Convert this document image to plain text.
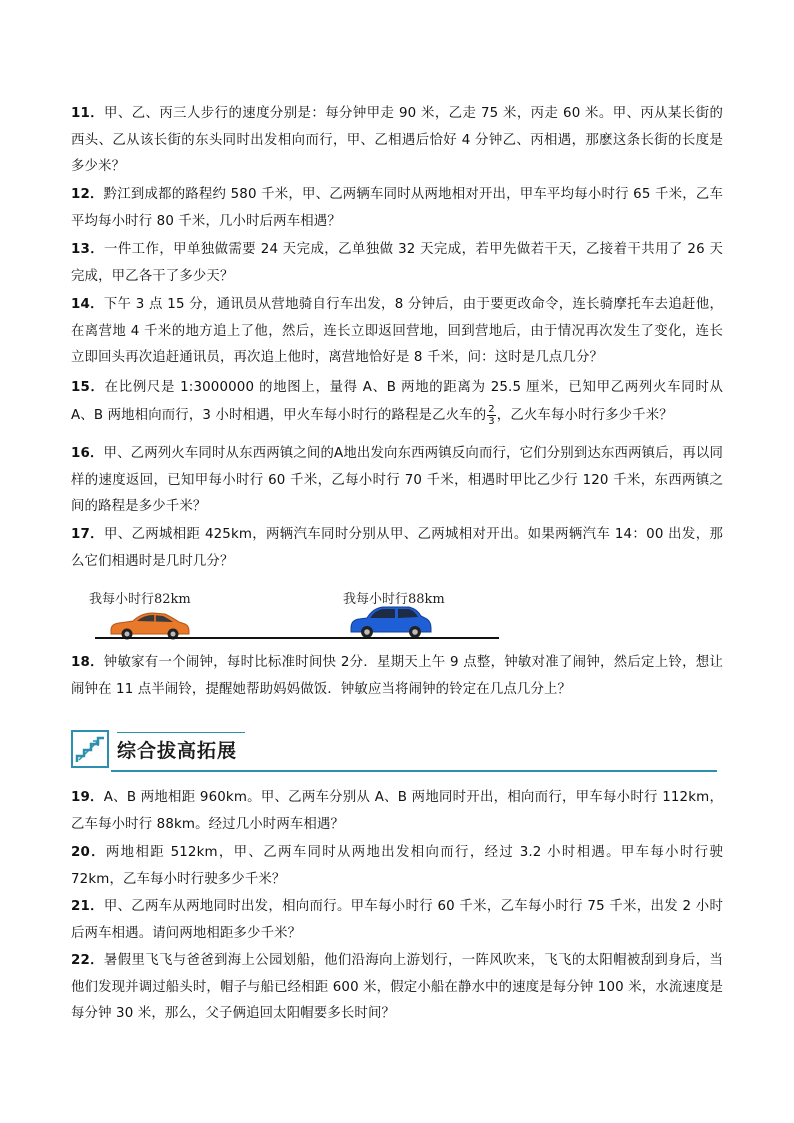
11．甲、乙、丙三人步行的速度分别是：每分钟甲走 90 米，乙走 75 米，丙走 60 米。甲、丙从某长街的西头、乙从该长街的东头同时出发相向而行，甲、乙相遇后恰好 4 分钟乙、丙相遇，那麽这条长街的长度是多少米？

12．黔江到成都的路程约 580 千米，甲、乙两辆车同时从两地相对开出，甲车平均每小时行 65 千米，乙车平均每小时行 80 千米，几小时后两车相遇？

13．一件工作，甲单独做需要 24 天完成，乙单独做 32 天完成，若甲先做若干天，乙接着干共用了 26 天完成，甲乙各干了多少天？

14．下午 3 点 15 分，通讯员从营地骑自行车出发，8 分钟后，由于要更改命令，连长骑摩托车去追赶他，在离营地 4 千米的地方追上了他，然后，连长立即返回营地，回到营地后，由于情况再次发生了变化，连长立即回头再次追赶通讯员，再次追上他时，离营地恰好是 8 千米，问：这时是几点几分？

15．在比例尺是 1:3000000 的地图上，量得 A、B 两地的距离为 25.5 厘米，已知甲乙两列火车同时从 A、B 两地相向而行，3 小时相遇，甲火车每小时行的路程是乙火车的 $\frac{2}{3}$ ，乙火车每小时行多少千米？

16．甲、乙两列火车同时从东西两镇之间的A地出发向东西两镇反向而行，它们分别到达东西两镇后，再以同样的速度返回，已知甲每小时行 60 千米，乙每小时行 70 千米，相遇时甲比乙少行 120 千米，东西两镇之间的路程是多少千米？

17．甲、乙两城相距 425km，两辆汽车同时分别从甲、乙两城相对开出。如果两辆汽车 14：00 出发，那么它们相遇时是几时几分？

我每小时行82km	我每小时行88km

18．钟敏家有一个闹钟，每时比标准时间快 2分．星期天上午 9 点整，钟敏对准了闹钟，然后定上铃，想让闹钟在 11 点半闹铃，提醒她帮助妈妈做饭．钟敏应当将闹钟的铃定在几点几分上？

综合拔高拓展

19．A、B 两地相距 960km。甲、乙两车分别从 A、B 两地同时开出，相向而行，甲车每小时行 112km，乙车每小时行 88km。经过几小时两车相遇？

20．两地相距 512km，甲、乙两车同时从两地出发相向而行，经过 3.2 小时相遇。甲车每小时行驶 72km，乙车每小时行驶多少千米？

21．甲、乙两车从两地同时出发，相向而行。甲车每小时行 60 千米，乙车每小时行 75 千米，出发 2 小时后两车相遇。请问两地相距多少千米？

22．暑假里飞飞与爸爸到海上公园划船，他们沿海向上游划行，一阵风吹来，飞飞的太阳帽被刮到身后，当他们发现并调过船头时，帽子与船已经相距 600 米，假定小船在静水中的速度是每分钟 100 米，水流速度是每分钟 30 米，那么，父子俩追回太阳帽要多长时间？
